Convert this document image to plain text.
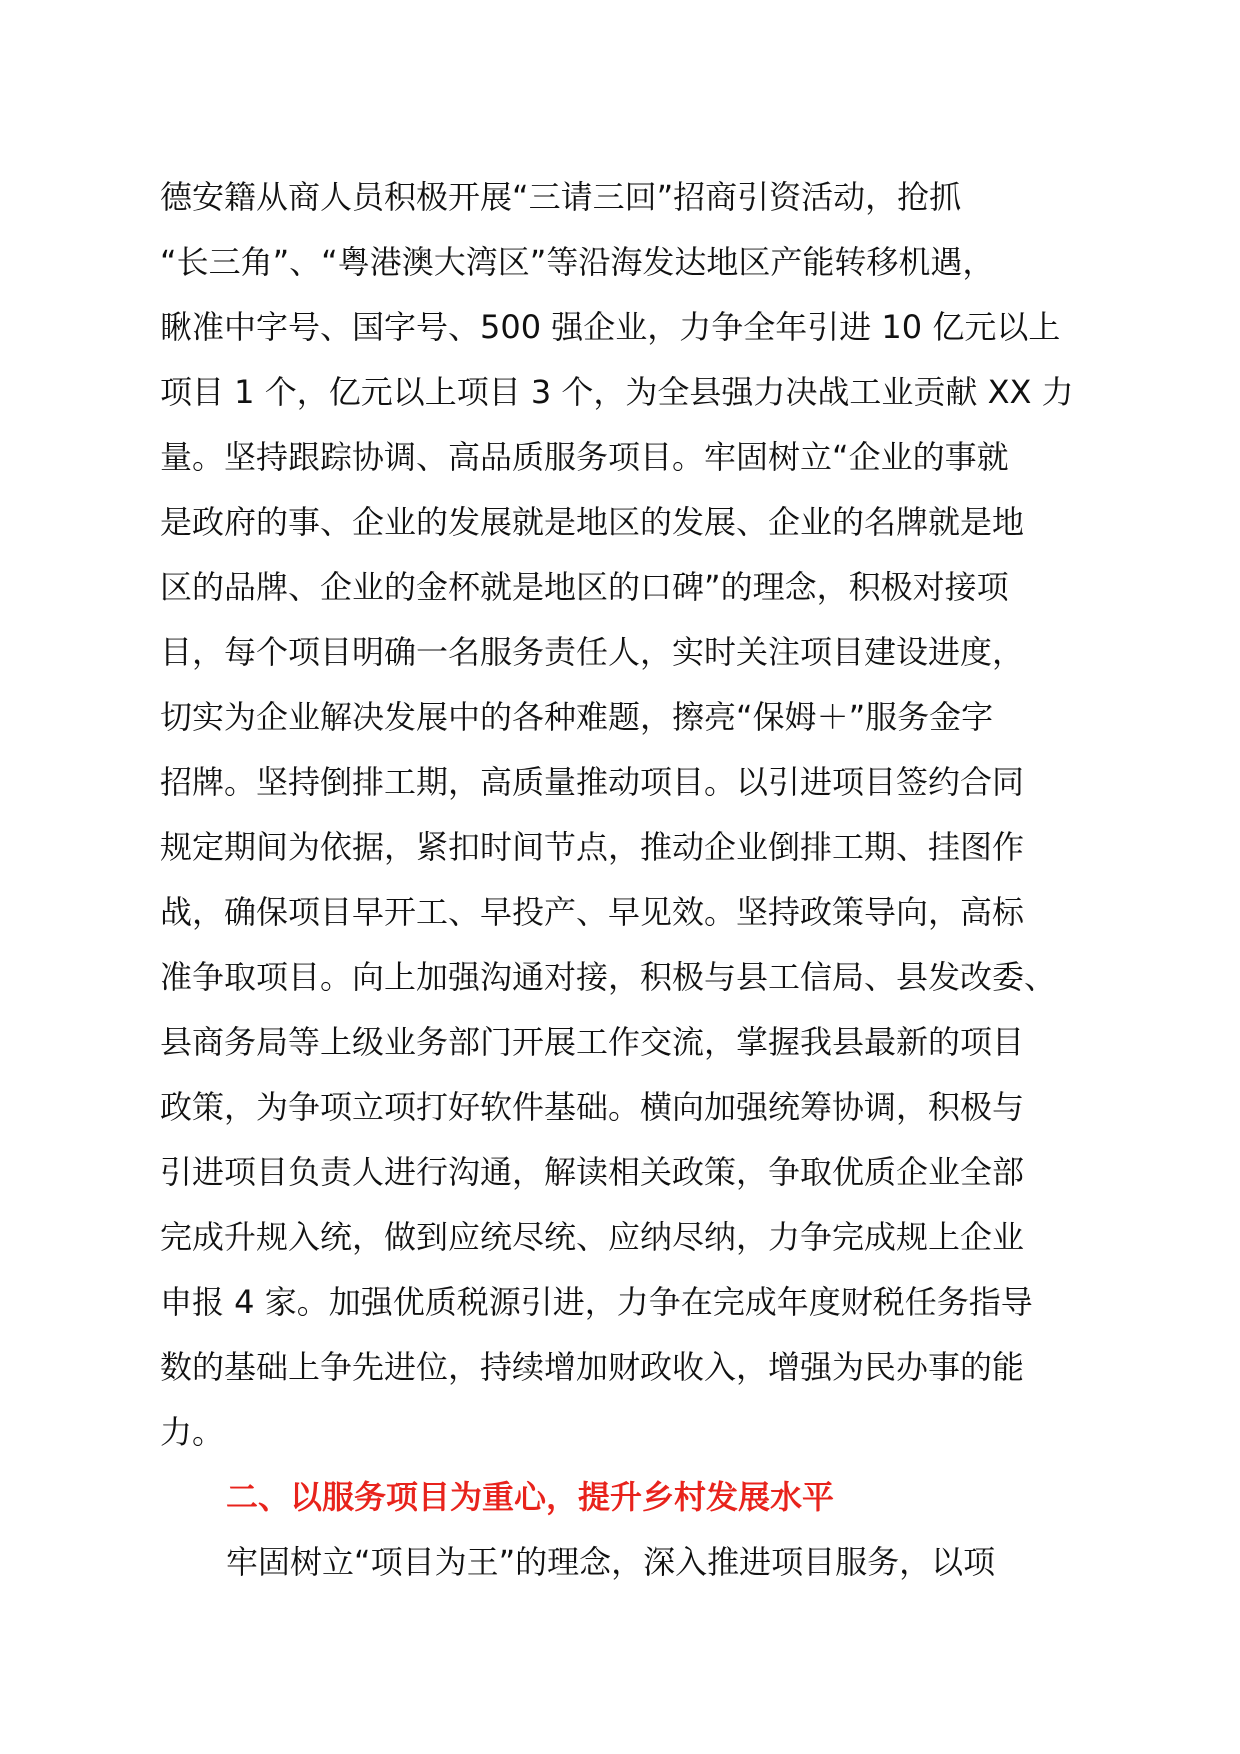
德安籍从商人员积极开展“三请三回”招商引资活动，抢抓
“长三角”、“粤港澳大湾区”等沿海发达地区产能转移机遇，
瞅准中字号、国字号、500 强企业，力争全年引进 10 亿元以上
项目 1 个，亿元以上项目 3 个，为全县强力决战工业贡献 XX 力
量。坚持跟踪协调、高品质服务项目。牢固树立“企业的事就
是政府的事、企业的发展就是地区的发展、企业的名牌就是地
区的品牌、企业的金杯就是地区的口碑”的理念，积极对接项
目，每个项目明确一名服务责任人，实时关注项目建设进度，
切实为企业解决发展中的各种难题，擦亮“保姆＋”服务金字
招牌。坚持倒排工期，高质量推动项目。以引进项目签约合同
规定期间为依据，紧扣时间节点，推动企业倒排工期、挂图作
战，确保项目早开工、早投产、早见效。坚持政策导向，高标
准争取项目。向上加强沟通对接，积极与县工信局、县发改委、
县商务局等上级业务部门开展工作交流，掌握我县最新的项目
政策，为争项立项打好软件基础。横向加强统筹协调，积极与
引进项目负责人进行沟通，解读相关政策，争取优质企业全部
完成升规入统，做到应统尽统、应纳尽纳，力争完成规上企业
申报 4 家。加强优质税源引进，力争在完成年度财税任务指导
数的基础上争先进位，持续增加财政收入，增强为民办事的能
力。
二、以服务项目为重心，提升乡村发展水平
牢固树立“项目为王”的理念，深入推进项目服务，以项
